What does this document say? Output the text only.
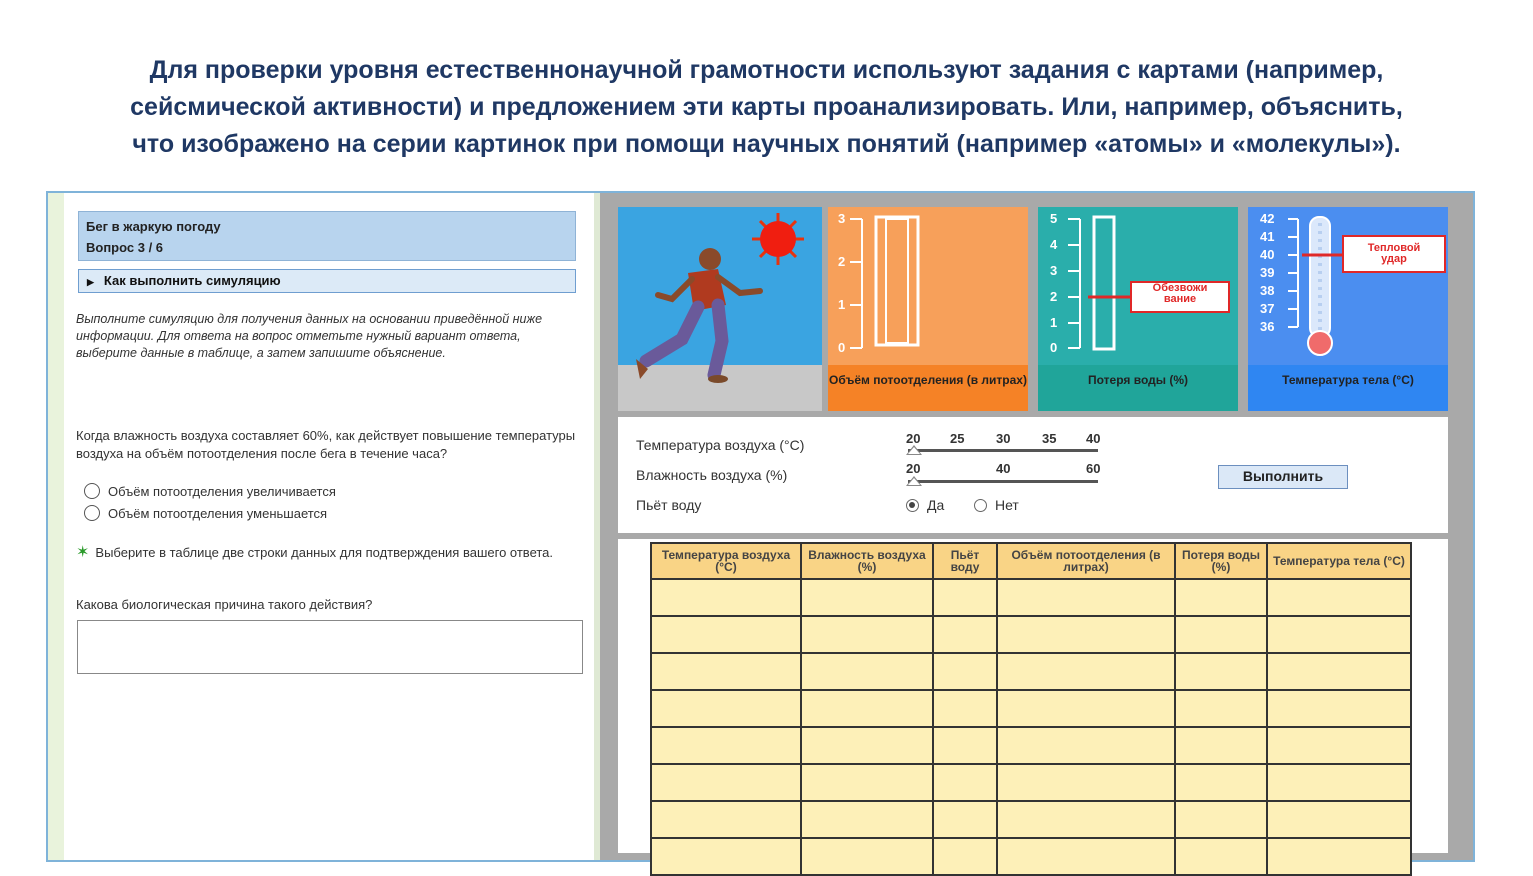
Для проверки уровня естественнонаучной грамотности используют задания с картами (например,
сейсмической активности) и предложением эти карты проанализировать. Или, например, объяснить,
что изображено на серии картинок при помощи научных понятий (например «атомы» и «молекулы»).
Бег в жаркую погоду
Вопрос 3 / 6
▶ Как выполнить симуляцию
Выполните симуляцию для получения данных на основании приведённой ниже информации. Для ответа на вопрос отметьте нужный вариант ответа, выберите данные в таблице, а затем запишите объяснение.
Когда влажность воздуха составляет 60%, как действует повышение температуры воздуха на объём потоотделения после бега в течение часа?
Объём потоотделения увеличивается
Объём потоотделения уменьшается
✶ Выберите в таблице две строки данных для подтверждения вашего ответа.
Какова биологическая причина такого действия?
3
2
1
0
Объём потоотделения (в литрах)
5
4
3
2
1
0
Обезвожи
вание
Потеря воды (%)
42
41
40
39
38
37
36
Тепловой
удар
Температура тела (°C)
Температура воздуха (°C)	20 25 30 35 40
Влажность воздуха (%)	20	40	60
Пьёт воду	Да	Нет
Выполнить
Температура воздуха (°C)	Влажность воздуха (%)	Пьёт воду	Объём потоотделения (в литрах)	Потеря воды (%)	Температура тела (°C)
